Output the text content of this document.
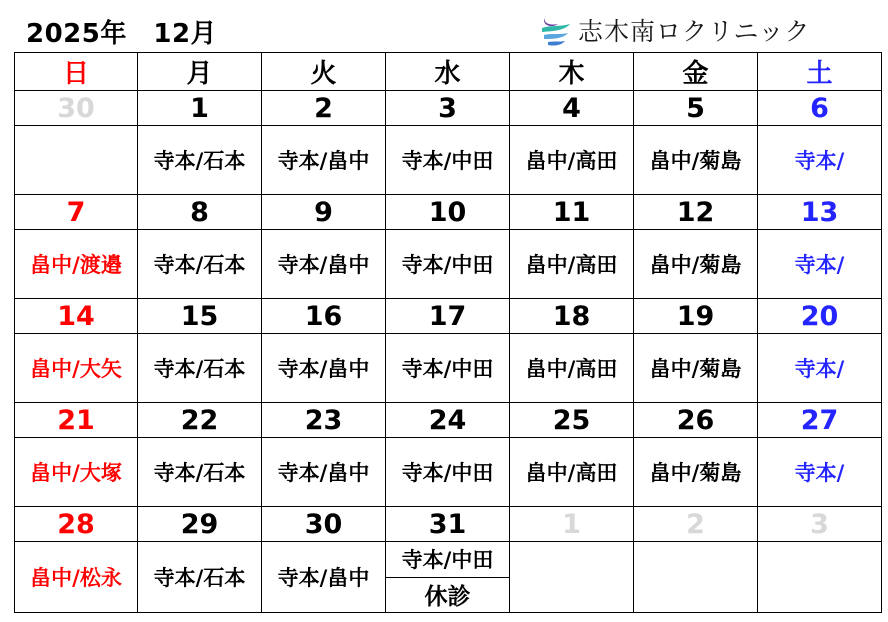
2025年　12月	志木南ロクリニック
日	月	火	水	木	金	土
30	1	2	3	4	5	6
	寺本/石本	寺本/畠中	寺本/中田	畠中/高田	畠中/菊島	寺本/
7	8	9	10	11	12	13
畠中/渡邉	寺本/石本	寺本/畠中	寺本/中田	畠中/高田	畠中/菊島	寺本/
14	15	16	17	18	19	20
畠中/大矢	寺本/石本	寺本/畠中	寺本/中田	畠中/高田	畠中/菊島	寺本/
21	22	23	24	25	26	27
畠中/大塚	寺本/石本	寺本/畠中	寺本/中田	畠中/高田	畠中/菊島	寺本/
28	29	30	31	1	2	3
畠中/松永	寺本/石本	寺本/畠中	寺本/中田
休診			
